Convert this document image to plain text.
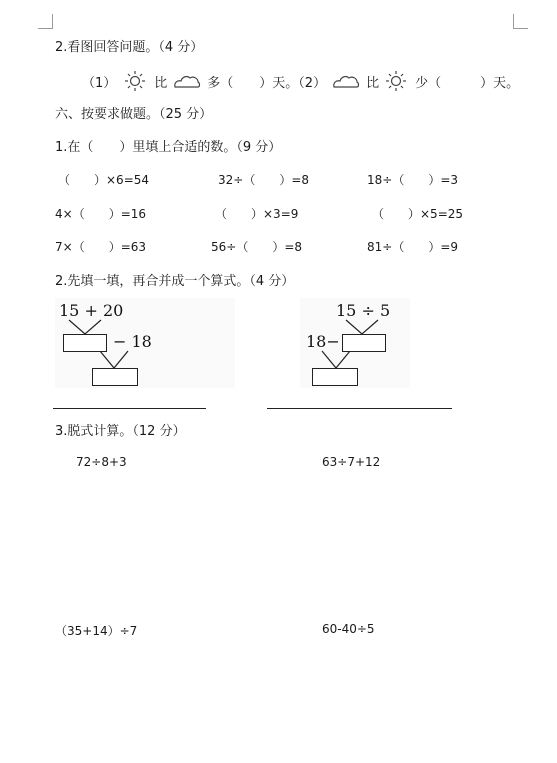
2.看图回答问题。（4 分）
（1）	比	多（　　）天。（2）	比	少（　　　）天。
六、按要求做题。（25 分）
1.在（　　）里填上合适的数。（9 分）
（　　）×6=54	32÷（　　）=8	18÷（　　）=3
4×（　　）=16	（　　）×3=9	（　　）×5=25
7×（　　）=63	56÷（　　）=8	81÷（　　）=9
2.先填一填，再合并成一个算式。（4 分）
15 + 20
− 18
15 ÷ 5
18−
3.脱式计算。（12 分）
72÷8+3	63÷7+12
（35+14）÷7	60-40÷5
